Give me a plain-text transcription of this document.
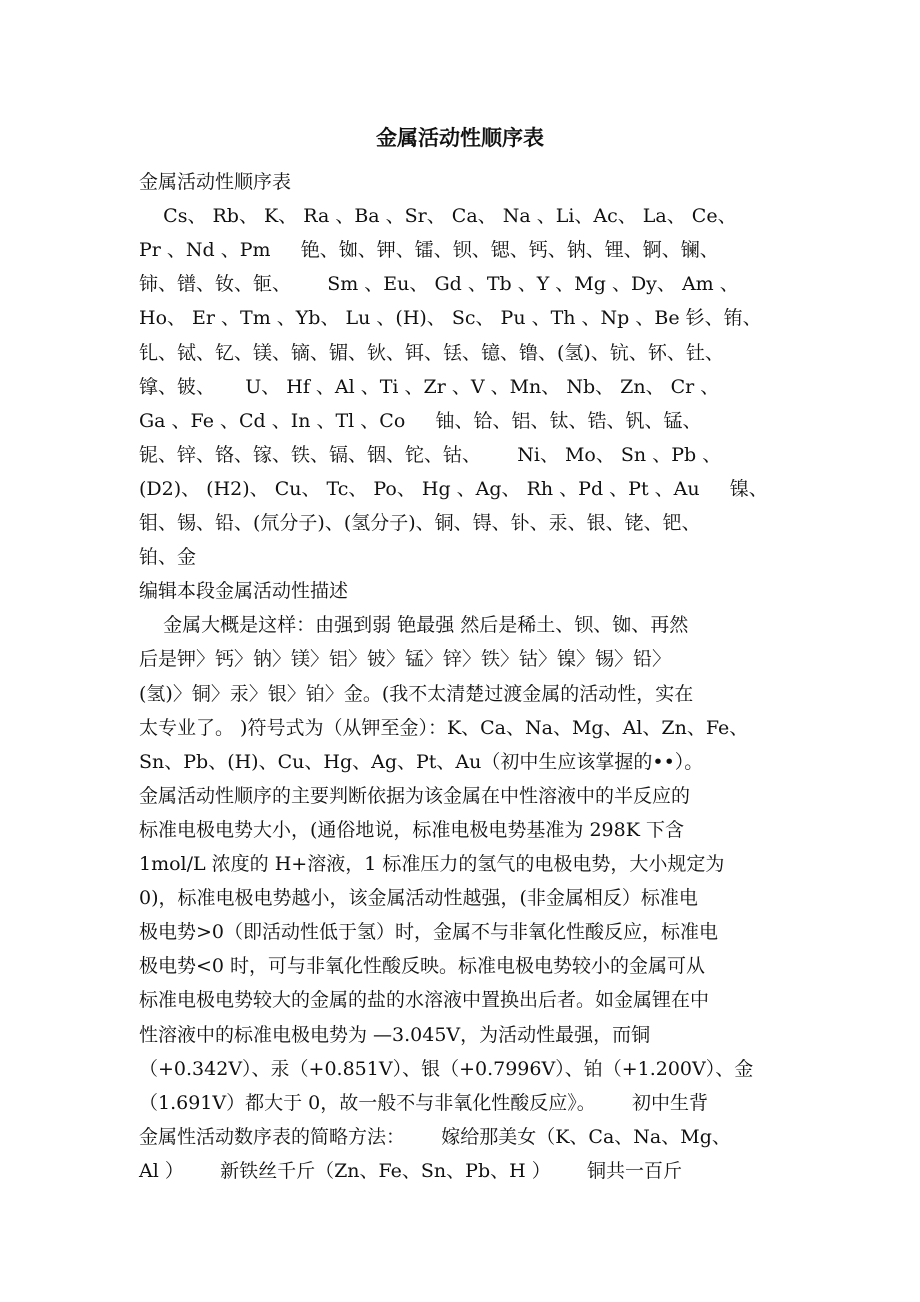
金属活动性顺序表

金属活动性顺序表

Cs、 Rb、 K、 Ra 、Ba 、Sr、 Ca、 Na 、Li、Ac、 La、 Ce、

Pr 、Nd 、Pm     铯、铷、钾、镭、钡、锶、钙、钠、锂、锕、镧、

铈、镨、钕、钷、      Sm 、Eu、 Gd 、Tb 、Y 、Mg 、Dy、 Am 、

Ho、 Er 、Tm 、Yb、 Lu 、(H)、 Sc、 Pu 、Th 、Np 、Be 钐、铕、

钆、铽、钇、镁、镝、镅、钬、铒、铥、镱、镥、(氢)、钪、钚、钍、

镎、铍、     U、 Hf 、Al 、Ti 、Zr 、V 、Mn、 Nb、 Zn、 Cr 、

Ga 、Fe 、Cd 、In 、Tl 、Co     铀、铪、铝、钛、锆、钒、锰、

铌、锌、铬、镓、铁、镉、铟、铊、钴、      Ni、 Mo、 Sn 、Pb 、

(D2)、 (H2)、 Cu、 Tc、 Po、 Hg 、Ag、 Rh 、Pd 、Pt 、Au     镍、

钼、锡、铅、(氘分子)、(氢分子)、铜、锝、钋、汞、银、铑、钯、

铂、金

编辑本段金属活动性描述

金属大概是这样：由强到弱 铯最强 然后是稀土、钡、铷、再然

后是钾〉钙〉钠〉镁〉铝〉铍〉锰〉锌〉铁〉钴〉镍〉锡〉铅〉

(氢)〉铜〉汞〉银〉铂〉金。(我不太清楚过渡金属的活动性，实在

太专业了。 )符号式为（从钾至金）：K、Ca、Na、Mg、Al、Zn、Fe、

Sn、Pb、(H)、Cu、Hg、Ag、Pt、Au（初中生应该掌握的••）。

金属活动性顺序的主要判断依据为该金属在中性溶液中的半反应的

标准电极电势大小，(通俗地说，标准电极电势基准为 298K 下含

1mol/L 浓度的 H+溶液，1 标准压力的氢气的电极电势，大小规定为

0)，标准电极电势越小，该金属活动性越强，(非金属相反）标准电

极电势>0（即活动性低于氢）时，金属不与非氧化性酸反应，标准电

极电势<0 时，可与非氧化性酸反映。标准电极电势较小的金属可从

标准电极电势较大的金属的盐的水溶液中置换出后者。如金属锂在中

性溶液中的标准电极电势为 —3.045V，为活动性最强，而铜

（+0.342V）、汞（+0.851V）、银（+0.7996V）、铂（+1.200V）、金

（1.691V）都大于 0，故一般不与非氧化性酸反应》。      初中生背

金属性活动数序表的简略方法：      嫁给那美女（K、Ca、Na、Mg、

Al ）      新铁丝千斤（Zn、Fe、Sn、Pb、H ）      铜共一百斤
